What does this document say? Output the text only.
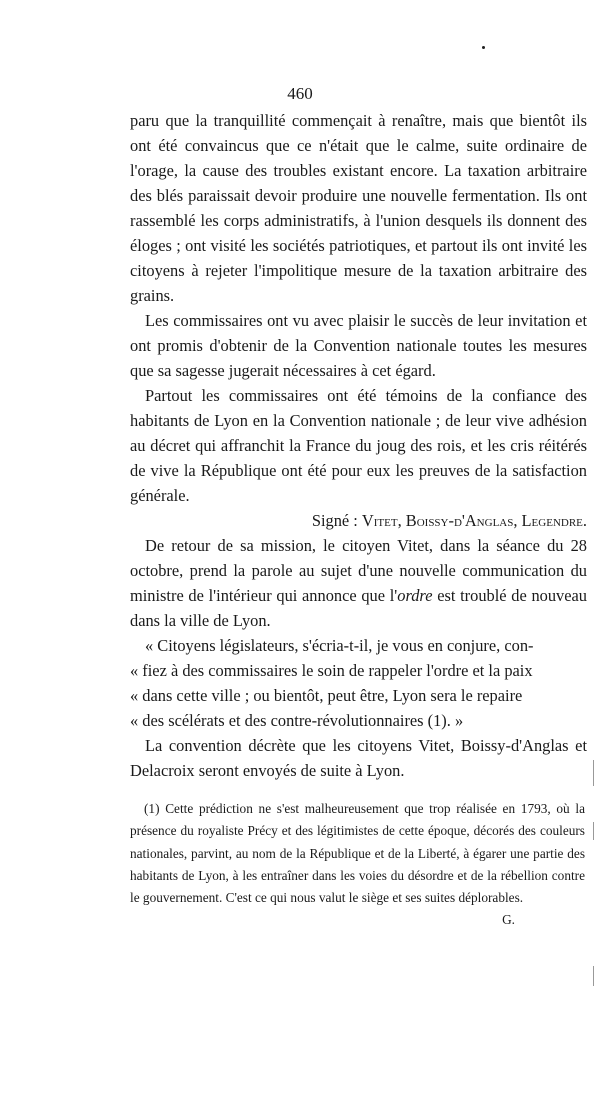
460

paru que la tranquillité commençait à renaître, mais que bientôt ils ont été convaincus que ce n'était que le calme, suite ordinaire de l'orage, la cause des troubles existant encore. La taxation arbitraire des blés paraissait devoir produire une nouvelle fermentation. Ils ont rassemblé les corps administratifs, à l'union desquels ils donnent des éloges ; ont visité les sociétés patriotiques, et partout ils ont invité les citoyens à rejeter l'impolitique mesure de la taxation arbitraire des grains.

Les commissaires ont vu avec plaisir le succès de leur invitation et ont promis d'obtenir de la Convention nationale toutes les mesures que sa sagesse jugerait nécessaires à cet égard.

Partout les commissaires ont été témoins de la confiance des habitants de Lyon en la Convention nationale ; de leur vive adhésion au décret qui affranchit la France du joug des rois, et les cris réitérés de vive la République ont été pour eux les preuves de la satisfaction générale.

Signé : Vitet, Boissy-d'Anglas, Legendre.

De retour de sa mission, le citoyen Vitet, dans la séance du 28 octobre, prend la parole au sujet d'une nouvelle communication du ministre de l'intérieur qui annonce que l'ordre est troublé de nouveau dans la ville de Lyon.

« Citoyens législateurs, s'écria-t-il, je vous en conjure, con-

« fiez à des commissaires le soin de rappeler l'ordre et la paix

« dans cette ville ; ou bientôt, peut être, Lyon sera le repaire

« des scélérats et des contre-révolutionnaires (1). »

La convention décrète que les citoyens Vitet, Boissy-d'Anglas et Delacroix seront envoyés de suite à Lyon.

(1) Cette prédiction ne s'est malheureusement que trop réalisée en 1793, où la présence du royaliste Précy et des légitimistes de cette époque, décorés des couleurs nationales, parvint, au nom de la République et de la Liberté, à égarer une partie des habitants de Lyon, à les entraîner dans les voies du désordre et de la rébellion contre le gouvernement. C'est ce qui nous valut le siège et ses suites déplorables.
G.
